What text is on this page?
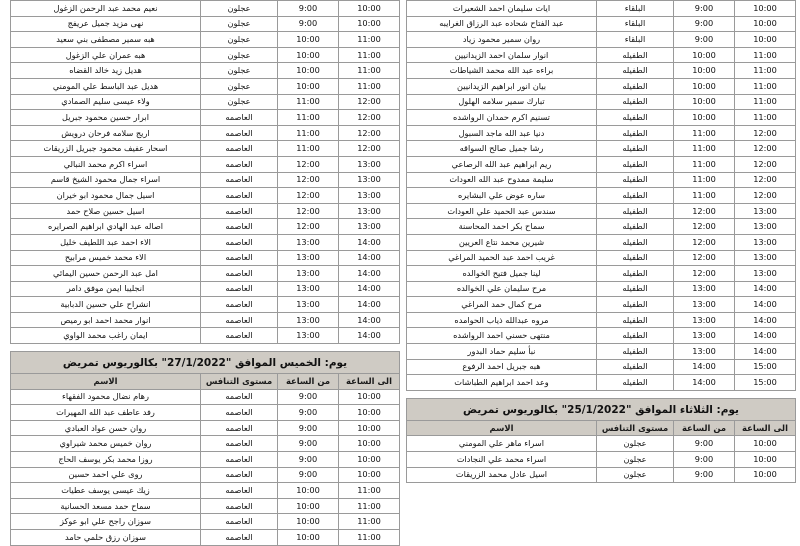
10:00	9:00	البلقاء	ايات سليمان احمد الشعيرات
10:00	9:00	البلقاء	عبد الفتاح شحاده عبد الرزاق الغرايبه
10:00	9:00	البلقاء	روان سمير محمود زياد
11:00	10:00	الطفيله	انوار سلمان احمد الزيدانيين
11:00	10:00	الطفيله	براءه عبد الله محمد الشياطات
11:00	10:00	الطفيله	بيان انور ابراهيم الزيدانيين
11:00	10:00	الطفيله	تبارك سمير سلامه الهلول
11:00	10:00	الطفيله	تسنيم اكرم حمدان الرواشده
12:00	11:00	الطفيله	دنيا عبد الله ماجد السبول
12:00	11:00	الطفيله	رشا جميل صالح السواقه
12:00	11:00	الطفيله	ريم ابراهيم عبد الله الرصاعي
12:00	11:00	الطفيله	سليمة ممدوح عبد الله العودات
12:00	11:00	الطفيله	ساره عوض علي البشايره
13:00	12:00	الطفيله	سندس عبد الحميد علي العودات
13:00	12:00	الطفيله	سماح بكر احمد المحاسنة
13:00	12:00	الطفيله	شيرين محمد نتاع العريين
13:00	12:00	الطفيله	غريب احمد عبد الحميد المراغي
13:00	12:00	الطفيله	لينا جميل فتيح الخوالده
14:00	13:00	الطفيله	مرح سليمان علي الخوالده
14:00	13:00	الطفيله	مرح كمال حمد المراغي
14:00	13:00	الطفيله	مروه عبدالله ذياب الحوامده
14:00	13:00	الطفيله	منتهى حسني احمد الرواشده
14:00	13:00	الطفيله	نبأ سليم حماد البدور
15:00	14:00	الطفيله	هبه جبريل احمد الرفوع
15:00	14:00	الطفيله	وعد احمد ابراهيم الطباشات
يوم: الثلاثاء الموافق "25/1/2022" بكالوريوس تمريض
الى الساعة	من الساعة	مستوى التنافس	الاسم
10:00	9:00	عجلون	اسراء ماهر علي المومني
10:00	9:00	عجلون	اسراء محمد علي النجادات
10:00	9:00	عجلون	اسيل عادل محمد الزريقات
10:00	9:00	عجلون	نعيم محمد عبد الرحمن الزغول
10:00	9:00	عجلون	نهى مزيد جميل عريفج
11:00	10:00	عجلون	هبه سمير مصطفى بني سعيد
11:00	10:00	عجلون	هبه عمران علي الزغول
11:00	10:00	عجلون	هديل زيد خالد القضاه
11:00	10:00	عجلون	هديل عبد الباسط علي المومني
12:00	11:00	عجلون	ولاء عيسى سليم الصمادي
12:00	11:00	العاصمه	ابرار حسين محمود جبريل
12:00	11:00	العاصمه	اريج سلامه فرحان درويش
12:00	11:00	العاصمه	اسحار عفيف محمود جبريل الزريقات
13:00	12:00	العاصمه	اسراء اكرم محمد النبالي
13:00	12:00	العاصمه	اسراء جمال محمود الشيخ قاسم
13:00	12:00	العاصمه	اسيل جمال محمود ابو خيران
13:00	12:00	العاصمه	اسيل حسين صلاح حمد
13:00	12:00	العاصمه	اصاله عبد الهادي ابراهيم الصرايره
14:00	13:00	العاصمه	الاء احمد عبد اللطيف خليل
14:00	13:00	العاصمه	الاء محمد خميس مرابيح
14:00	13:00	العاصمه	امل عبد الرحمن حسين اليمائي
14:00	13:00	العاصمه	انجليبا ايمن موفق دامر
14:00	13:00	العاصمه	انشراح علي حسين الدبابية
14:00	13:00	العاصمه	انوار محمد احمد ابو رميص
14:00	13:00	العاصمه	ايمان راغب محمد الواوي
يوم: الخميس الموافق "27/1/2022" بكالوريوس تمريض
الى الساعة	من الساعة	مستوى التنافس	الاسم
10:00	9:00	العاصمه	رهام نضال محمود الفقهاء
10:00	9:00	العاصمه	رفد عاطف عبد الله المهيرات
10:00	9:00	العاصمه	روان حسن عواد العبادي
10:00	9:00	العاصمه	روان خميس محمد شيراوي
10:00	9:00	العاصمه	روزا محمد بكر يوسف الحاج
10:00	9:00	العاصمه	روى علي احمد حسين
11:00	10:00	العاصمه	زيك عيسى يوسف عطيات
11:00	10:00	العاصمه	سماح حمد مسعد الحسانية
11:00	10:00	العاصمه	سوزان راجح علي ابو عوكز
11:00	10:00	العاصمه	سوزان رزق حلمي حامد
